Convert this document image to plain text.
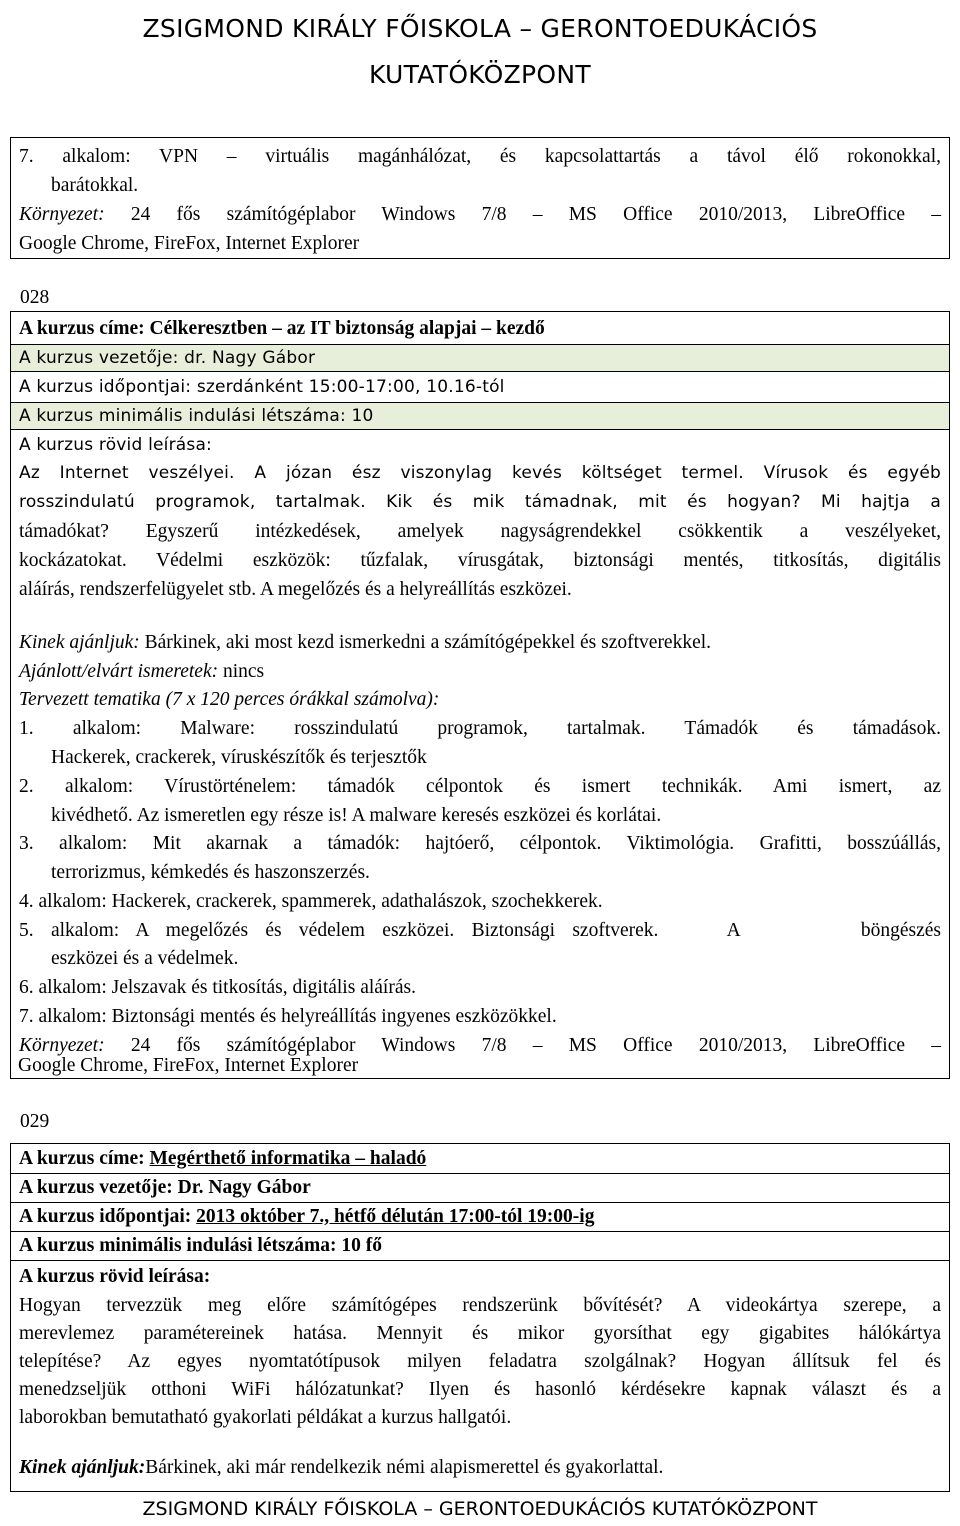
ZSIGMOND KIRÁLY FŐISKOLA – GERONTOEDUKÁCIÓS
KUTATÓKÖZPONT
7. alkalom: VPN – virtuális magánhálózat, és kapcsolattartás a távol élő rokonokkal,
barátokkal.
Környezet: 24 fős számítógéplabor Windows 7/8 – MS Office 2010/2013, LibreOffice –
Google Chrome, FireFox, Internet Explorer
028
A kurzus címe: Célkeresztben – az IT biztonság alapjai – kezdő
A kurzus vezetője: dr. Nagy Gábor
A kurzus időpontjai: szerdánként 15:00-17:00, 10.16-tól
A kurzus minimális indulási létszáma: 10
A kurzus rövid leírása:
Az Internet veszélyei. A józan ész viszonylag kevés költséget termel. Vírusok és egyéb
rosszindulatú programok, tartalmak. Kik és mik támadnak, mit és hogyan? Mi hajtja a
támadókat? Egyszerű intézkedések, amelyek nagyságrendekkel csökkentik a veszélyeket,
kockázatokat. Védelmi eszközök: tűzfalak, vírusgátak, biztonsági mentés, titkosítás, digitális
aláírás, rendszerfelügyelet stb. A megelőzés és a helyreállítás eszközei.
Kinek ajánljuk: Bárkinek, aki most kezd ismerkedni a számítógépekkel és szoftverekkel.
Ajánlott/elvárt ismeretek: nincs
Tervezett tematika (7 x 120 perces órákkal számolva):
1. alkalom: Malware: rosszindulatú programok, tartalmak. Támadók és támadások.
Hackerek, crackerek, víruskészítők és terjesztők
2. alkalom: Vírustörténelem: támadók célpontok és ismert technikák. Ami ismert, az
kivédhető. Az ismeretlen egy része is! A malware keresés eszközei és korlátai.
3. alkalom: Mit akarnak a támadók: hajtóerő, célpontok. Viktimológia. Grafitti, bosszúállás,
terrorizmus, kémkedés és haszonszerzés.
4. alkalom: Hackerek, crackerek, spammerek, adathalászok, szochekkerek.
5. alkalom: A megelőzés és védelem eszközei. Biztonsági szoftverek.    A       böngészés
eszközei és a védelmek.
6. alkalom: Jelszavak és titkosítás, digitális aláírás.
7. alkalom: Biztonsági mentés és helyreállítás ingyenes eszközökkel.
Környezet: 24 fős számítógéplabor Windows 7/8 – MS Office 2010/2013, LibreOffice –
Google Chrome, FireFox, Internet Explorer
029
A kurzus címe: Megérthető informatika – haladó
A kurzus vezetője: Dr. Nagy Gábor
A kurzus időpontjai: 2013 október 7., hétfő délután 17:00-tól 19:00-ig
A kurzus minimális indulási létszáma: 10 fő
A kurzus rövid leírása:
Hogyan tervezzük meg előre számítógépes rendszerünk bővítését? A videokártya szerepe, a
merevlemez paramétereinek hatása. Mennyit és mikor gyorsíthat egy gigabites hálókártya
telepítése? Az egyes nyomtatótípusok milyen feladatra szolgálnak? Hogyan állítsuk fel és
menedzseljük otthoni WiFi hálózatunkat? Ilyen és hasonló kérdésekre kapnak választ és a
laborokban bemutatható gyakorlati példákat a kurzus hallgatói.
Kinek ajánljuk:Bárkinek, aki már rendelkezik némi alapismerettel és gyakorlattal.
ZSIGMOND KIRÁLY FŐISKOLA – GERONTOEDUKÁCIÓS KUTATÓKÖZPONT
